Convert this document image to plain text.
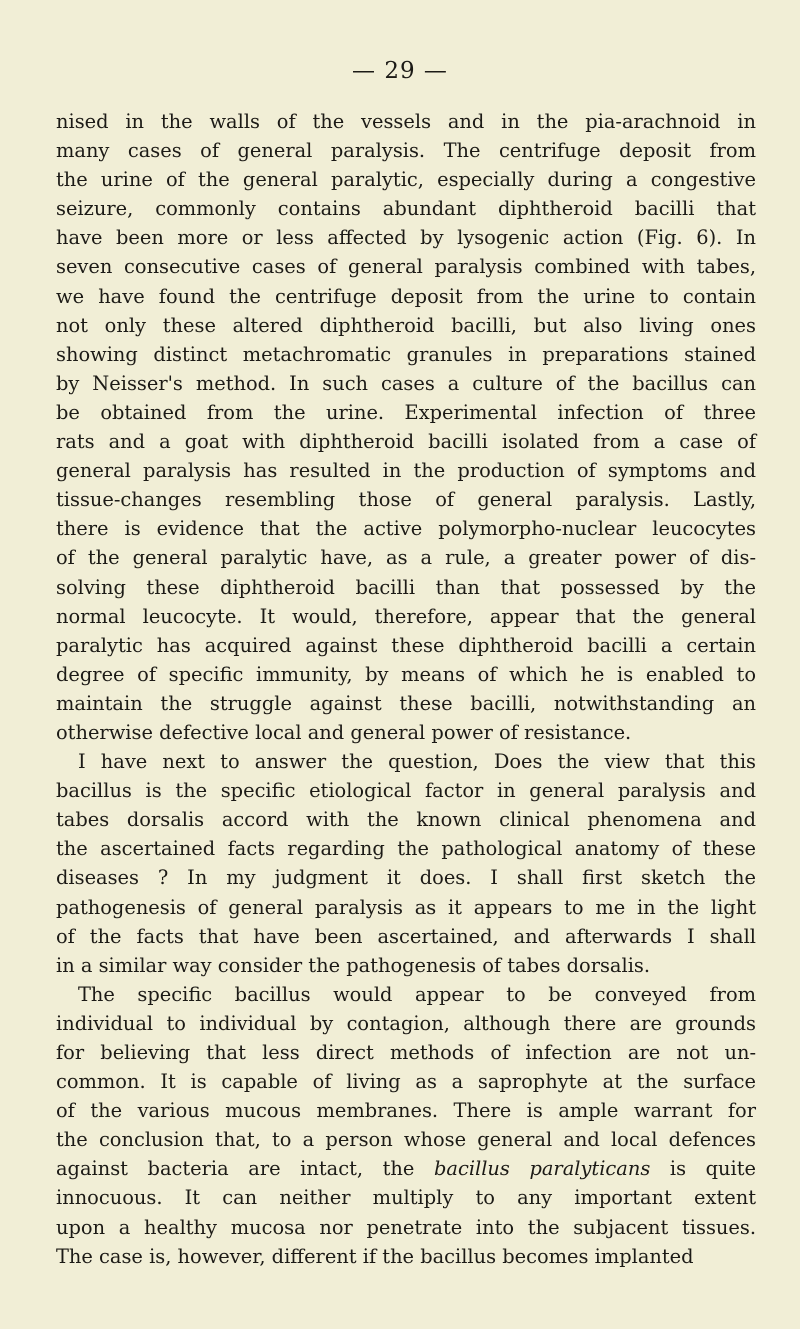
— 29 —
nised in the walls of the vessels and in the pia-arachnoid in
many cases of general paralysis. The centrifuge deposit from
the urine of the general paralytic, especially during a congestive
seizure, commonly contains abundant diphtheroid bacilli that
have been more or less affected by lysogenic action (Fig. 6). In
seven consecutive cases of general paralysis combined with tabes,
we have found the centrifuge deposit from the urine to contain
not only these altered diphtheroid bacilli, but also living ones
showing distinct metachromatic granules in preparations stained
by Neisser's method. In such cases a culture of the bacillus can
be obtained from the urine. Experimental infection of three
rats and a goat with diphtheroid bacilli isolated from a case of
general paralysis has resulted in the production of symptoms and
tissue-changes resembling those of general paralysis. Lastly,
there is evidence that the active polymorpho-nuclear leucocytes
of the general paralytic have, as a rule, a greater power of dis-
solving these diphtheroid bacilli than that possessed by the
normal leucocyte. It would, therefore, appear that the general
paralytic has acquired against these diphtheroid bacilli a certain
degree of specific immunity, by means of which he is enabled to
maintain the struggle against these bacilli, notwithstanding an
otherwise defective local and general power of resistance.
I have next to answer the question, Does the view that this
bacillus is the specific etiological factor in general paralysis and
tabes dorsalis accord with the known clinical phenomena and
the ascertained facts regarding the pathological anatomy of these
diseases ? In my judgment it does. I shall first sketch the
pathogenesis of general paralysis as it appears to me in the light
of the facts that have been ascertained, and afterwards I shall
in a similar way consider the pathogenesis of tabes dorsalis.
The specific bacillus would appear to be conveyed from
individual to individual by contagion, although there are grounds
for believing that less direct methods of infection are not un-
common. It is capable of living as a saprophyte at the surface
of the various mucous membranes. There is ample warrant for
the conclusion that, to a person whose general and local defences
against bacteria are intact, the bacillus paralyticans is quite
innocuous. It can neither multiply to any important extent
upon a healthy mucosa nor penetrate into the subjacent tissues.
The case is, however, different if the bacillus becomes implanted
